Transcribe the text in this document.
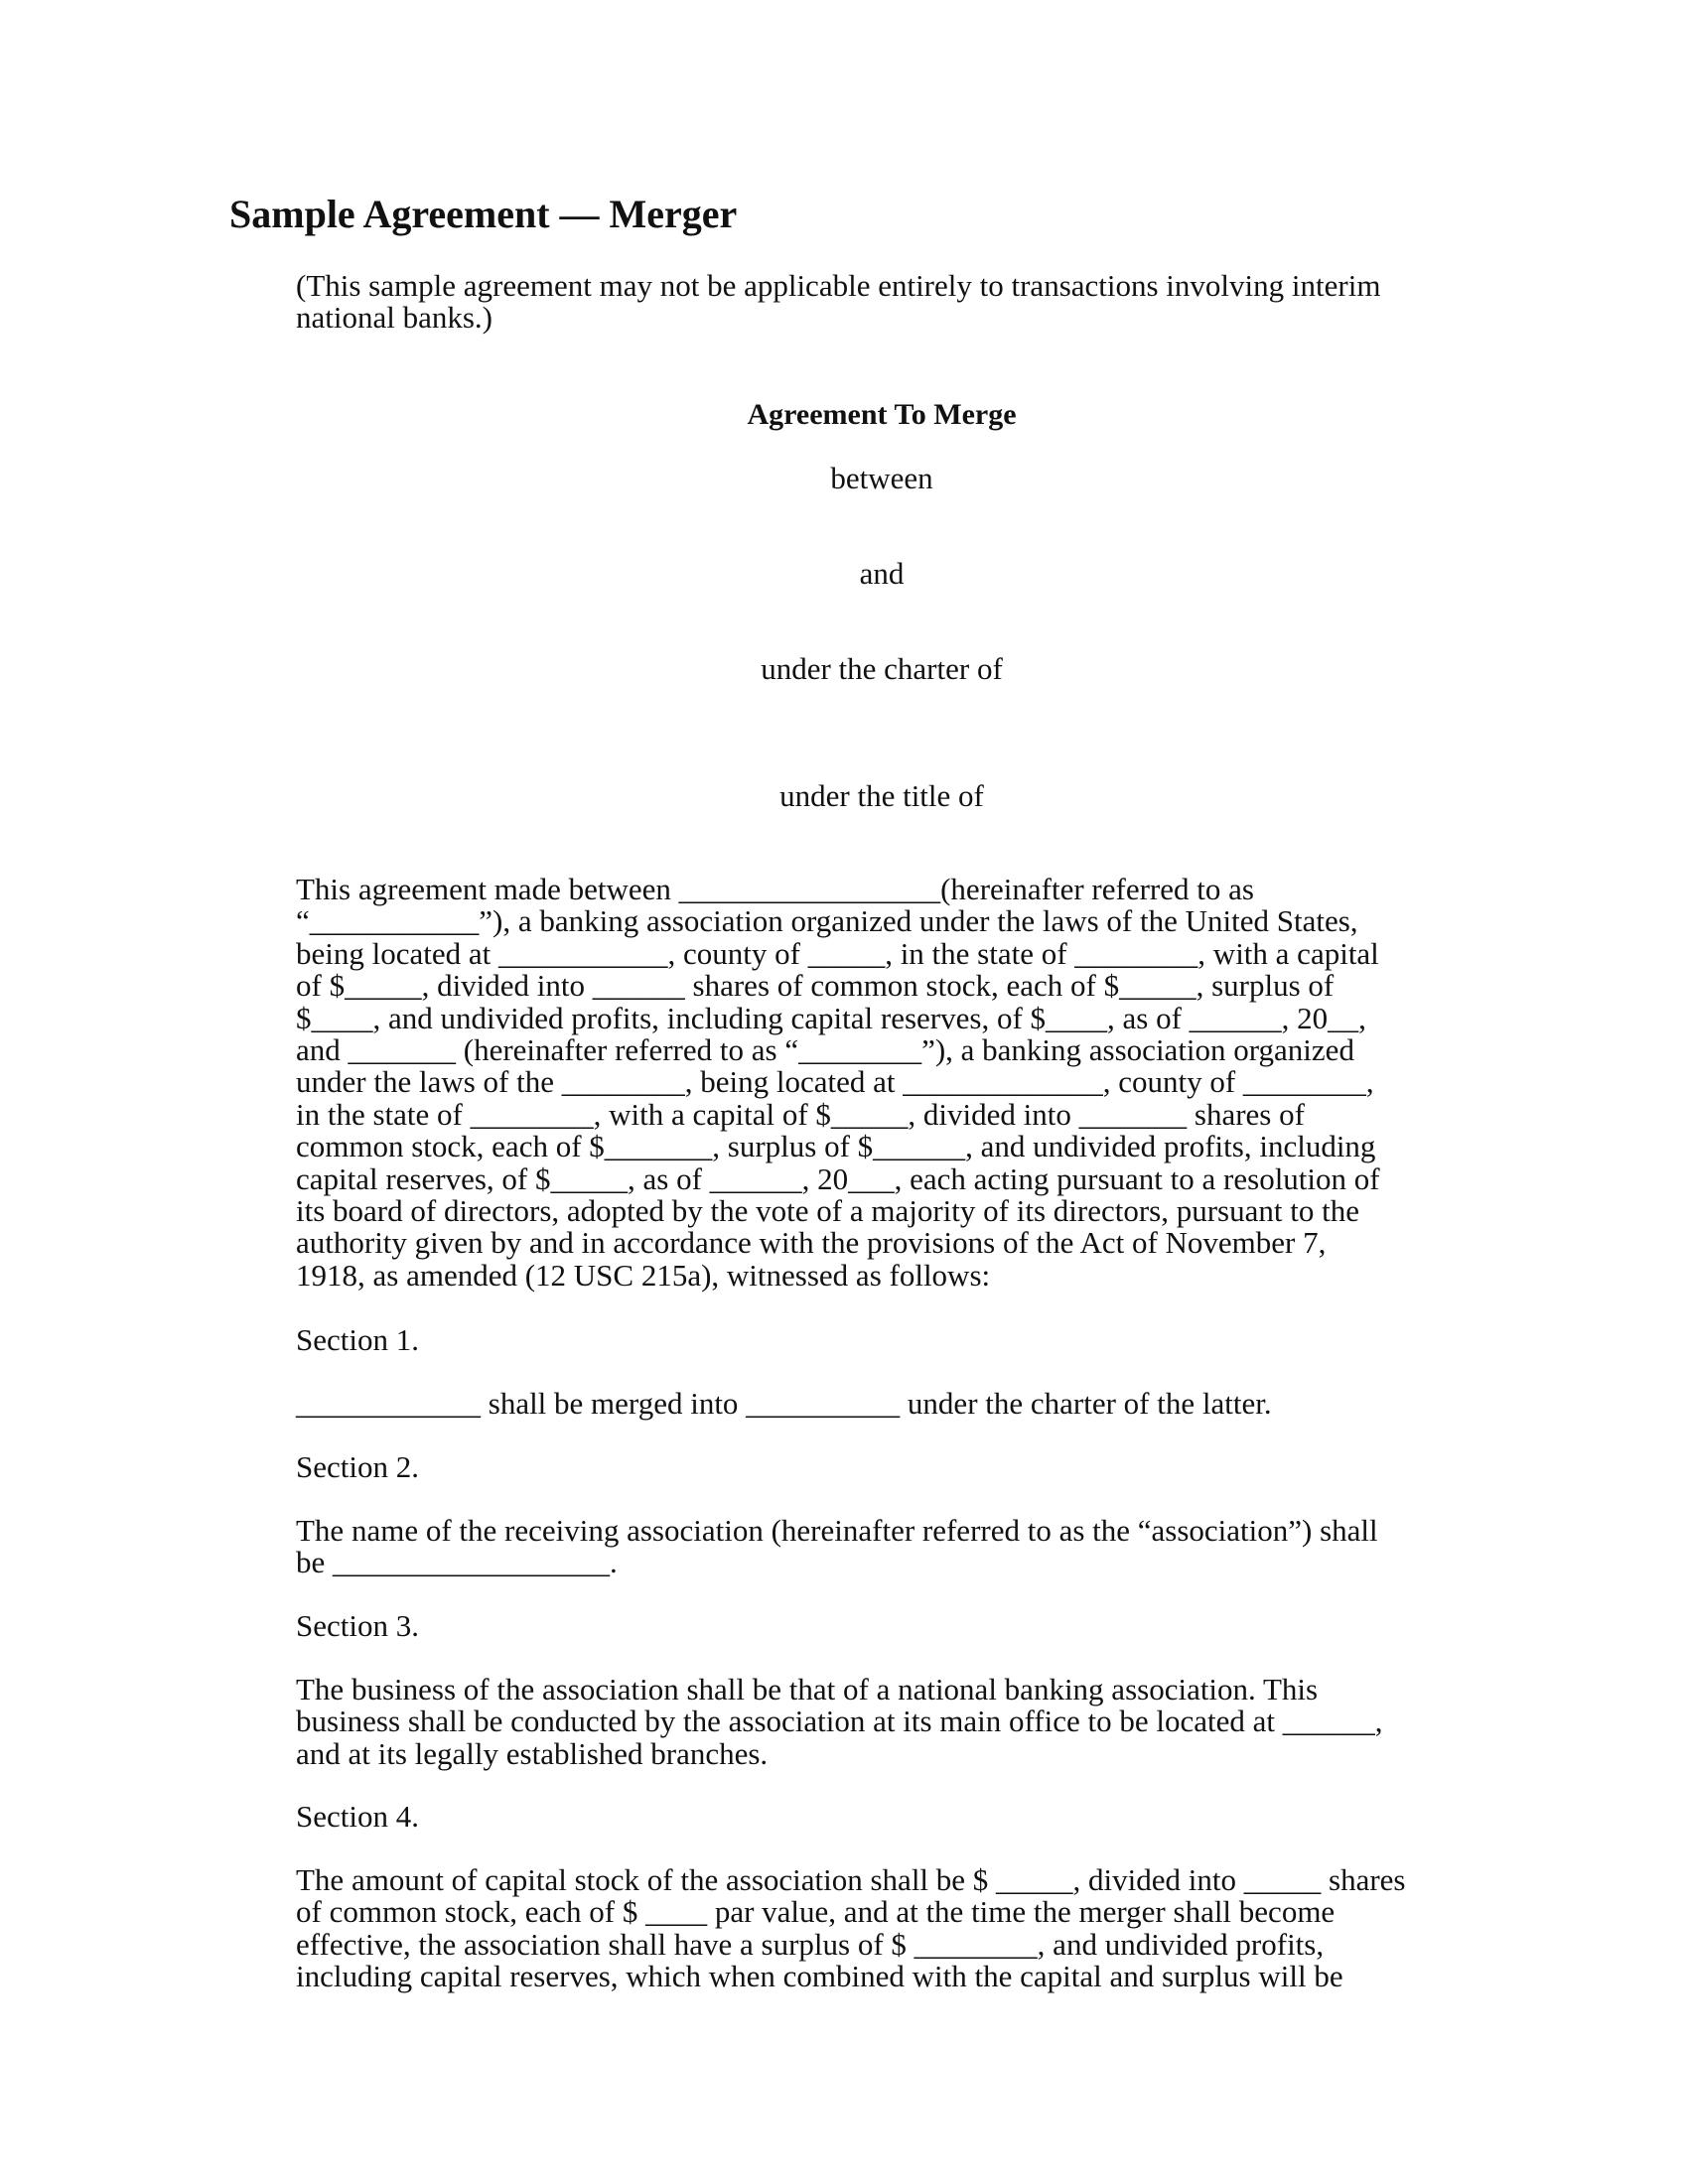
Sample Agreement — Merger

(This sample agreement may not be applicable entirely to transactions involving interim
national banks.)

Agreement To Merge

between

and

under the charter of

under the title of

This agreement made between _________________(hereinafter referred to as
“___________”), a banking association organized under the laws of the United States,
being located at ___________, county of _____, in the state of ________, with a capital
of $_____, divided into ______ shares of common stock, each of $_____, surplus of
$____, and undivided profits, including capital reserves, of $____, as of ______, 20__,
and _______ (hereinafter referred to as “________”), a banking association organized
under the laws of the ________, being located at _____________, county of ________,
in the state of ________, with a capital of $_____, divided into _______ shares of
common stock, each of $_______, surplus of $______, and undivided profits, including
capital reserves, of $_____, as of ______, 20___, each acting pursuant to a resolution of
its board of directors, adopted by the vote of a majority of its directors, pursuant to the
authority given by and in accordance with the provisions of the Act of November 7,
1918, as amended (12 USC 215a), witnessed as follows:

Section 1.

____________ shall be merged into __________ under the charter of the latter.

Section 2.

The name of the receiving association (hereinafter referred to as the “association”) shall
be __________________.

Section 3.

The business of the association shall be that of a national banking association. This
business shall be conducted by the association at its main office to be located at ______,
and at its legally established branches.

Section 4.

The amount of capital stock of the association shall be $ _____, divided into _____ shares
of common stock, each of $ ____ par value, and at the time the merger shall become
effective, the association shall have a surplus of $ ________, and undivided profits,
including capital reserves, which when combined with the capital and surplus will be
